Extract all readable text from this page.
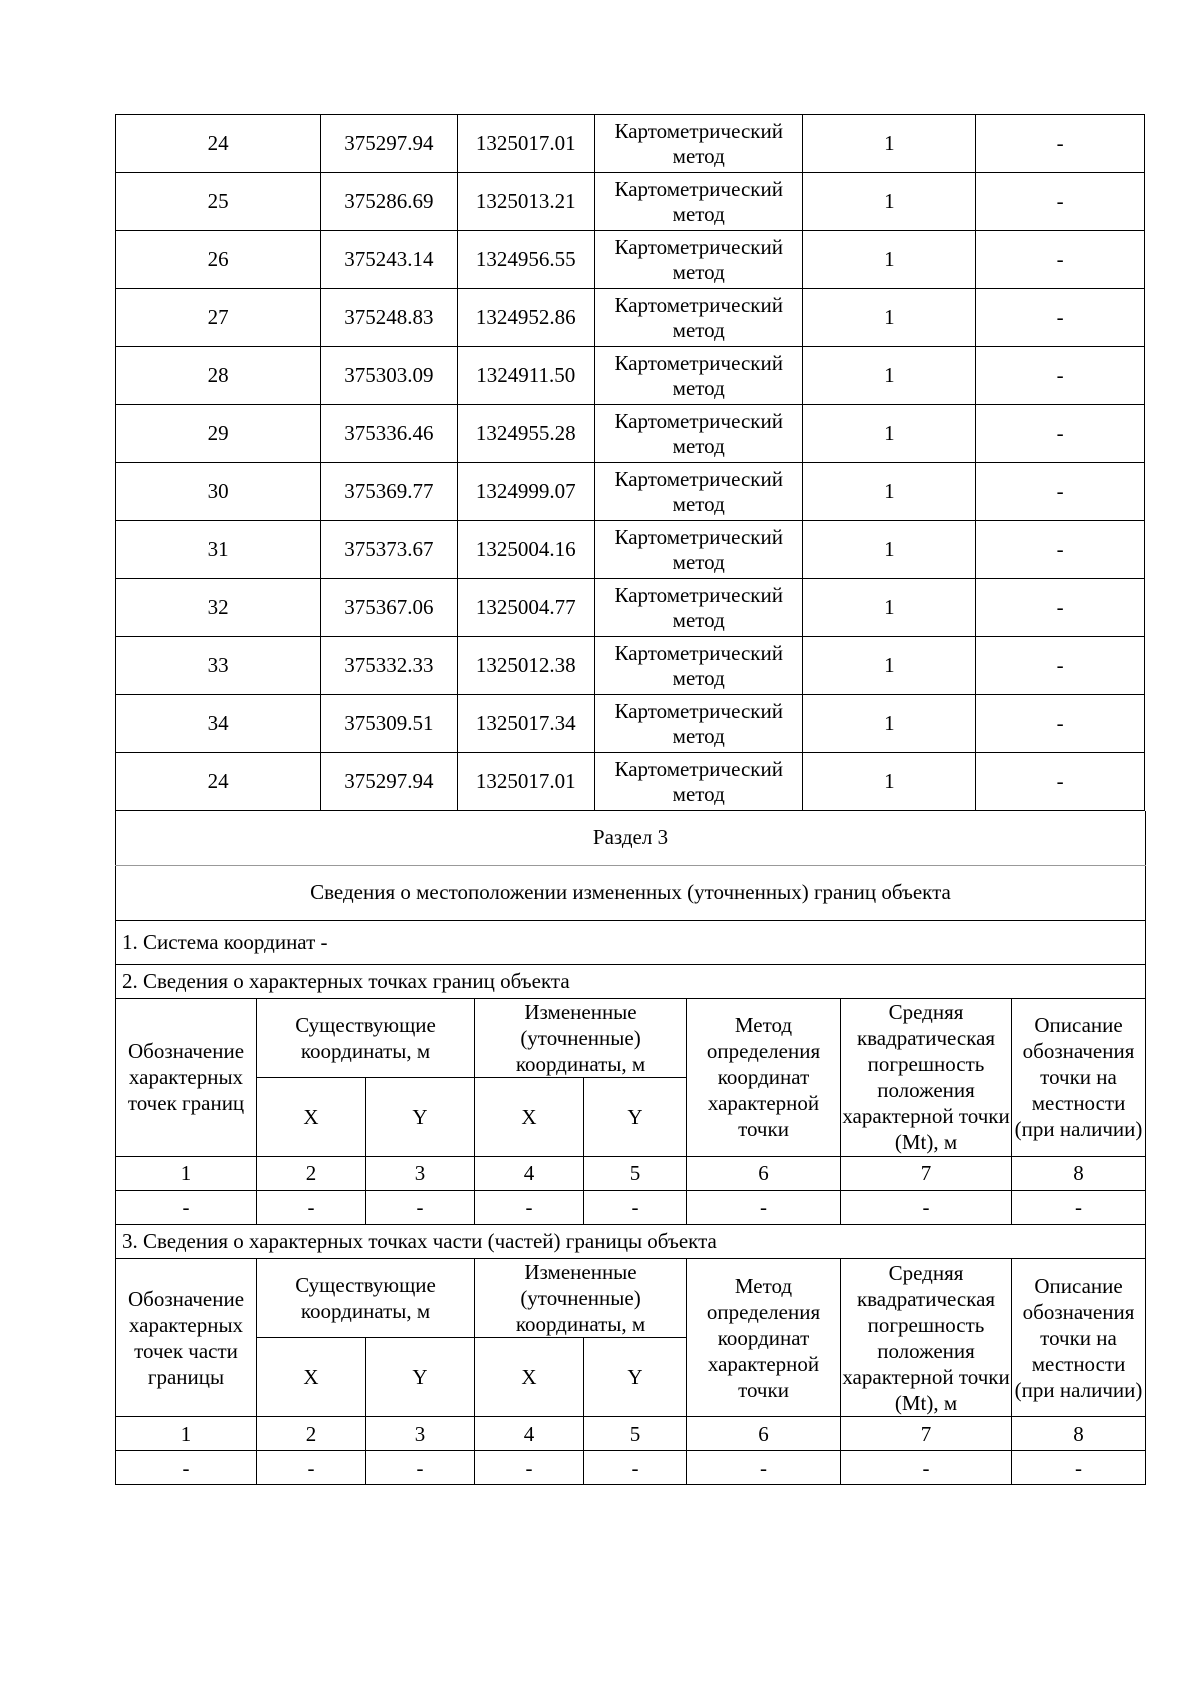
24	375297.94	1325017.01	Картометрический метод	1	-
25	375286.69	1325013.21	Картометрический метод	1	-
26	375243.14	1324956.55	Картометрический метод	1	-
27	375248.83	1324952.86	Картометрический метод	1	-
28	375303.09	1324911.50	Картометрический метод	1	-
29	375336.46	1324955.28	Картометрический метод	1	-
30	375369.77	1324999.07	Картометрический метод	1	-
31	375373.67	1325004.16	Картометрический метод	1	-
32	375367.06	1325004.77	Картометрический метод	1	-
33	375332.33	1325012.38	Картометрический метод	1	-
34	375309.51	1325017.34	Картометрический метод	1	-
24	375297.94	1325017.01	Картометрический метод	1	-
Раздел 3
Сведения о местоположении измененных (уточненных) границ объекта
1. Система координат -
2. Сведения о характерных точках границ объекта
Обозначение характерных точек границ	Существующие координаты, м		Измененные (уточненные) координаты, м		Метод определения координат характерной точки	Средняя квадратическая погрешность положения характерной точки (Mt), м	Описание обозначения точки на местности (при наличии)
	X	Y	X	Y			
1	2	3	4	5	6	7	8
-	-	-	-	-	-	-	-
3. Сведения о характерных точках части (частей) границы объекта
Обозначение характерных точек части границы	Существующие координаты, м		Измененные (уточненные) координаты, м		Метод определения координат характерной точки	Средняя квадратическая погрешность положения характерной точки (Mt), м	Описание обозначения точки на местности (при наличии)
	X	Y	X	Y			
1	2	3	4	5	6	7	8
-	-	-	-	-	-	-	-
